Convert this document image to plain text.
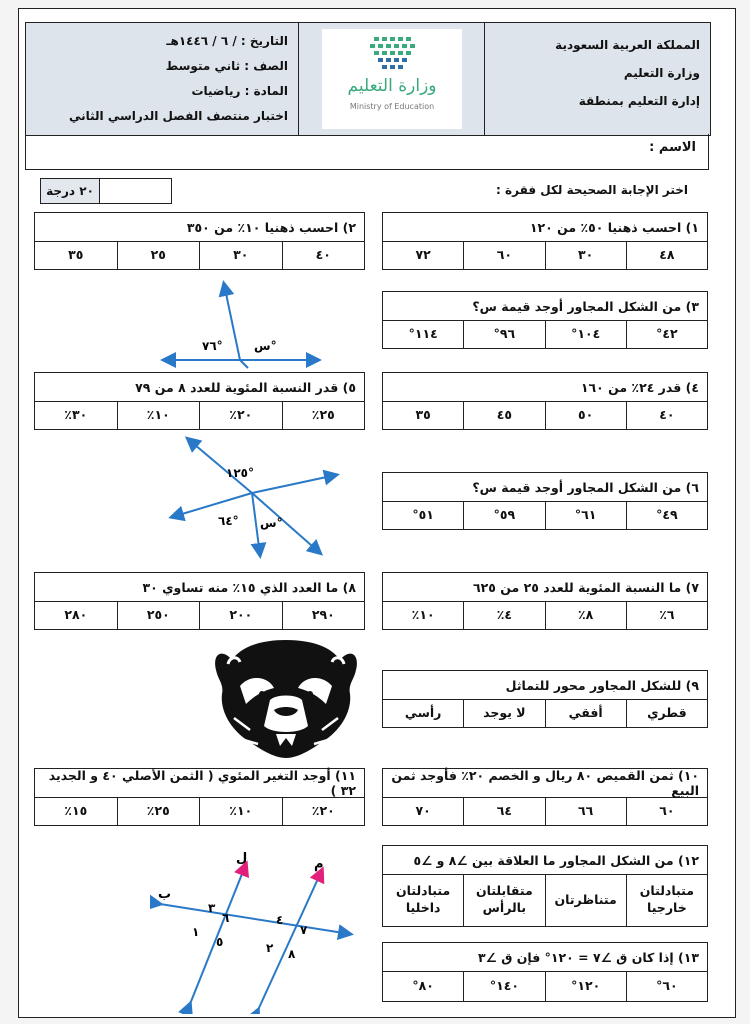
التاريخ : / ٦ / ١٤٤٦هـ
الصف : ثاني متوسط
المادة : رياضيات
اختبار منتصف الفصل الدراسي الثاني
وزارة التعليم
Ministry of Education
المملكة العربية السعودية
وزارة التعليم
إدارة التعليم بمنطقة
الاسم :
٢٠ درجة	اختر الإجابة الصحيحة لكل فقرة :
١) احسب ذهنيا ٥٠٪ من ١٢٠
٤٨
٣٠
٦٠
٧٢
٢) احسب ذهنيا ١٠٪ من ٣٥٠
٤٠
٣٠
٢٥
٣٥
س°
٧٦°
٣) من الشكل المجاور أوجد قيمة س؟
٤٢°
١٠٤°
٩٦°
١١٤°
٤) قدر ٢٤٪ من ١٦٠
٤٠
٥٠
٤٥
٣٥
٥) قدر النسبة المئوية للعدد ٨ من ٧٩
٢٥٪
٢٠٪
١٠٪
٣٠٪
١٢٥°
٦٤° س°
٦) من الشكل المجاور أوجد قيمة س؟
٤٩°
٦١°
٥٩°
٥١°
٧) ما النسبة المئوية للعدد ٢٥ من ٦٢٥
٦٪
٨٪
٤٪
١٠٪
٨) ما العدد الذي ١٥٪ منه تساوي ٣٠
٢٩٠
٢٠٠
٢٥٠
٢٨٠
٩) للشكل المجاور محور للتماثل
قطري
أفقي
لا يوجد
رأسي
١٠) ثمن القميص ٨٠ ريال و الخصم ٢٠٪ فأوجد ثمن البيع
٦٠
٦٦
٦٤
٧٠
١١) أوجد التغير المئوي ( الثمن الأصلي ٤٠ و الجديد ٣٢ )
٢٠٪
١٠٪
٢٥٪
١٥٪
ل	م
ب
١
٣
٦
٥
٤
٧
٢ ٨
١٢) من الشكل المجاور ما العلاقة بين ∠٨ و ∠٥
متبادلتان خارجيا
متناظرتان
متقابلتان بالرأس
متبادلتان داخليا
١٣) إذا كان ق ∠٧ = ١٢٠° فإن ق ∠٣
٦٠°
١٢٠°
١٤٠°
٨٠°
